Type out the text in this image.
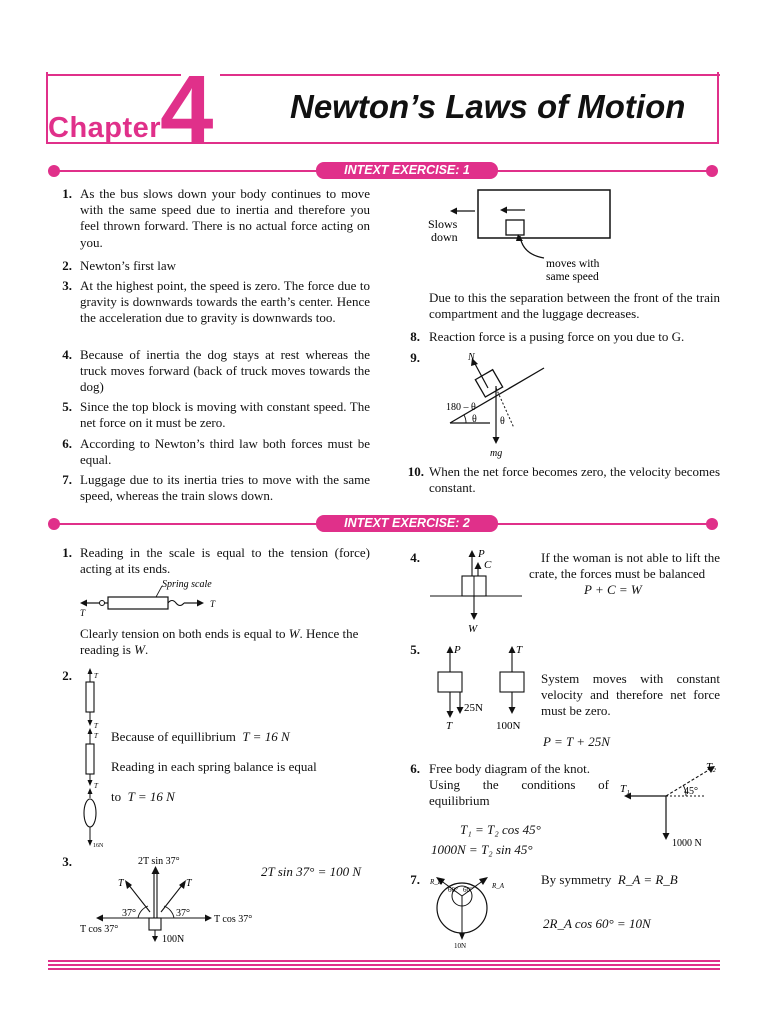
Chapter
4 Newton’s Laws of Motion
INTEXT EXERCISE: 1
1. As the bus slows down your body continues to move with the same speed due to inertia and therefore you feel thrown forward. There is no actual force acting on you.
2. Newton’s first law
3. At the highest point, the speed is zero. The force due to gravity is downwards towards the earth’s center. Hence the acceleration due to gravity is downwards too.
4. Because of inertia the dog stays at rest whereas the truck moves forward (back of truck moves towards the dog)
5. Since the top block is moving with constant speed. The net force on it must be zero.
6. According to Newton’s third law both forces must be equal.
7. Luggage due to its inertia tries to move with the same speed, whereas the train slows down.
Slows
down
moves with
same speed
Due to this the separation between the front of the train compartment and the luggage decreases.
8. Reaction force is a pusing force on you due to G.
9.	N
180 – θ
θ θ
mg
10. When the net force becomes zero, the velocity becomes constant.
INTEXT EXERCISE: 2
1. Reading in the scale is equal to the tension (force) acting at its ends.
Spring scale
T
T
Clearly tension on both ends is equal to W. Hence the reading is W.
2.	T
T
T
T
16N
Because of equillibrium T = 16 N
Reading in each spring balance is equal
to T = 16 N
3.	2T sin 37°
T	T
37°	37°
T cos 37°
T cos 37°
100N
2T sin 37° = 100 N
4.	P
C
W
If the woman is not able to lift the crate, the forces must be balanced
P + C = W
5.	P	T
T
25N
100N
System moves with constant velocity and therefore net force must be zero.
P = T + 25N
6. Free body diagram of the knot.
Using the conditions of equilibrium
T₁
T₂
45°
1000 N
T₁ = T₂ cos 45°
1000N = T₂ sin 45°
7. R_B	R_A
60° 60°
10N
By symmetry R_A = R_B
2R_A cos 60° = 10N
